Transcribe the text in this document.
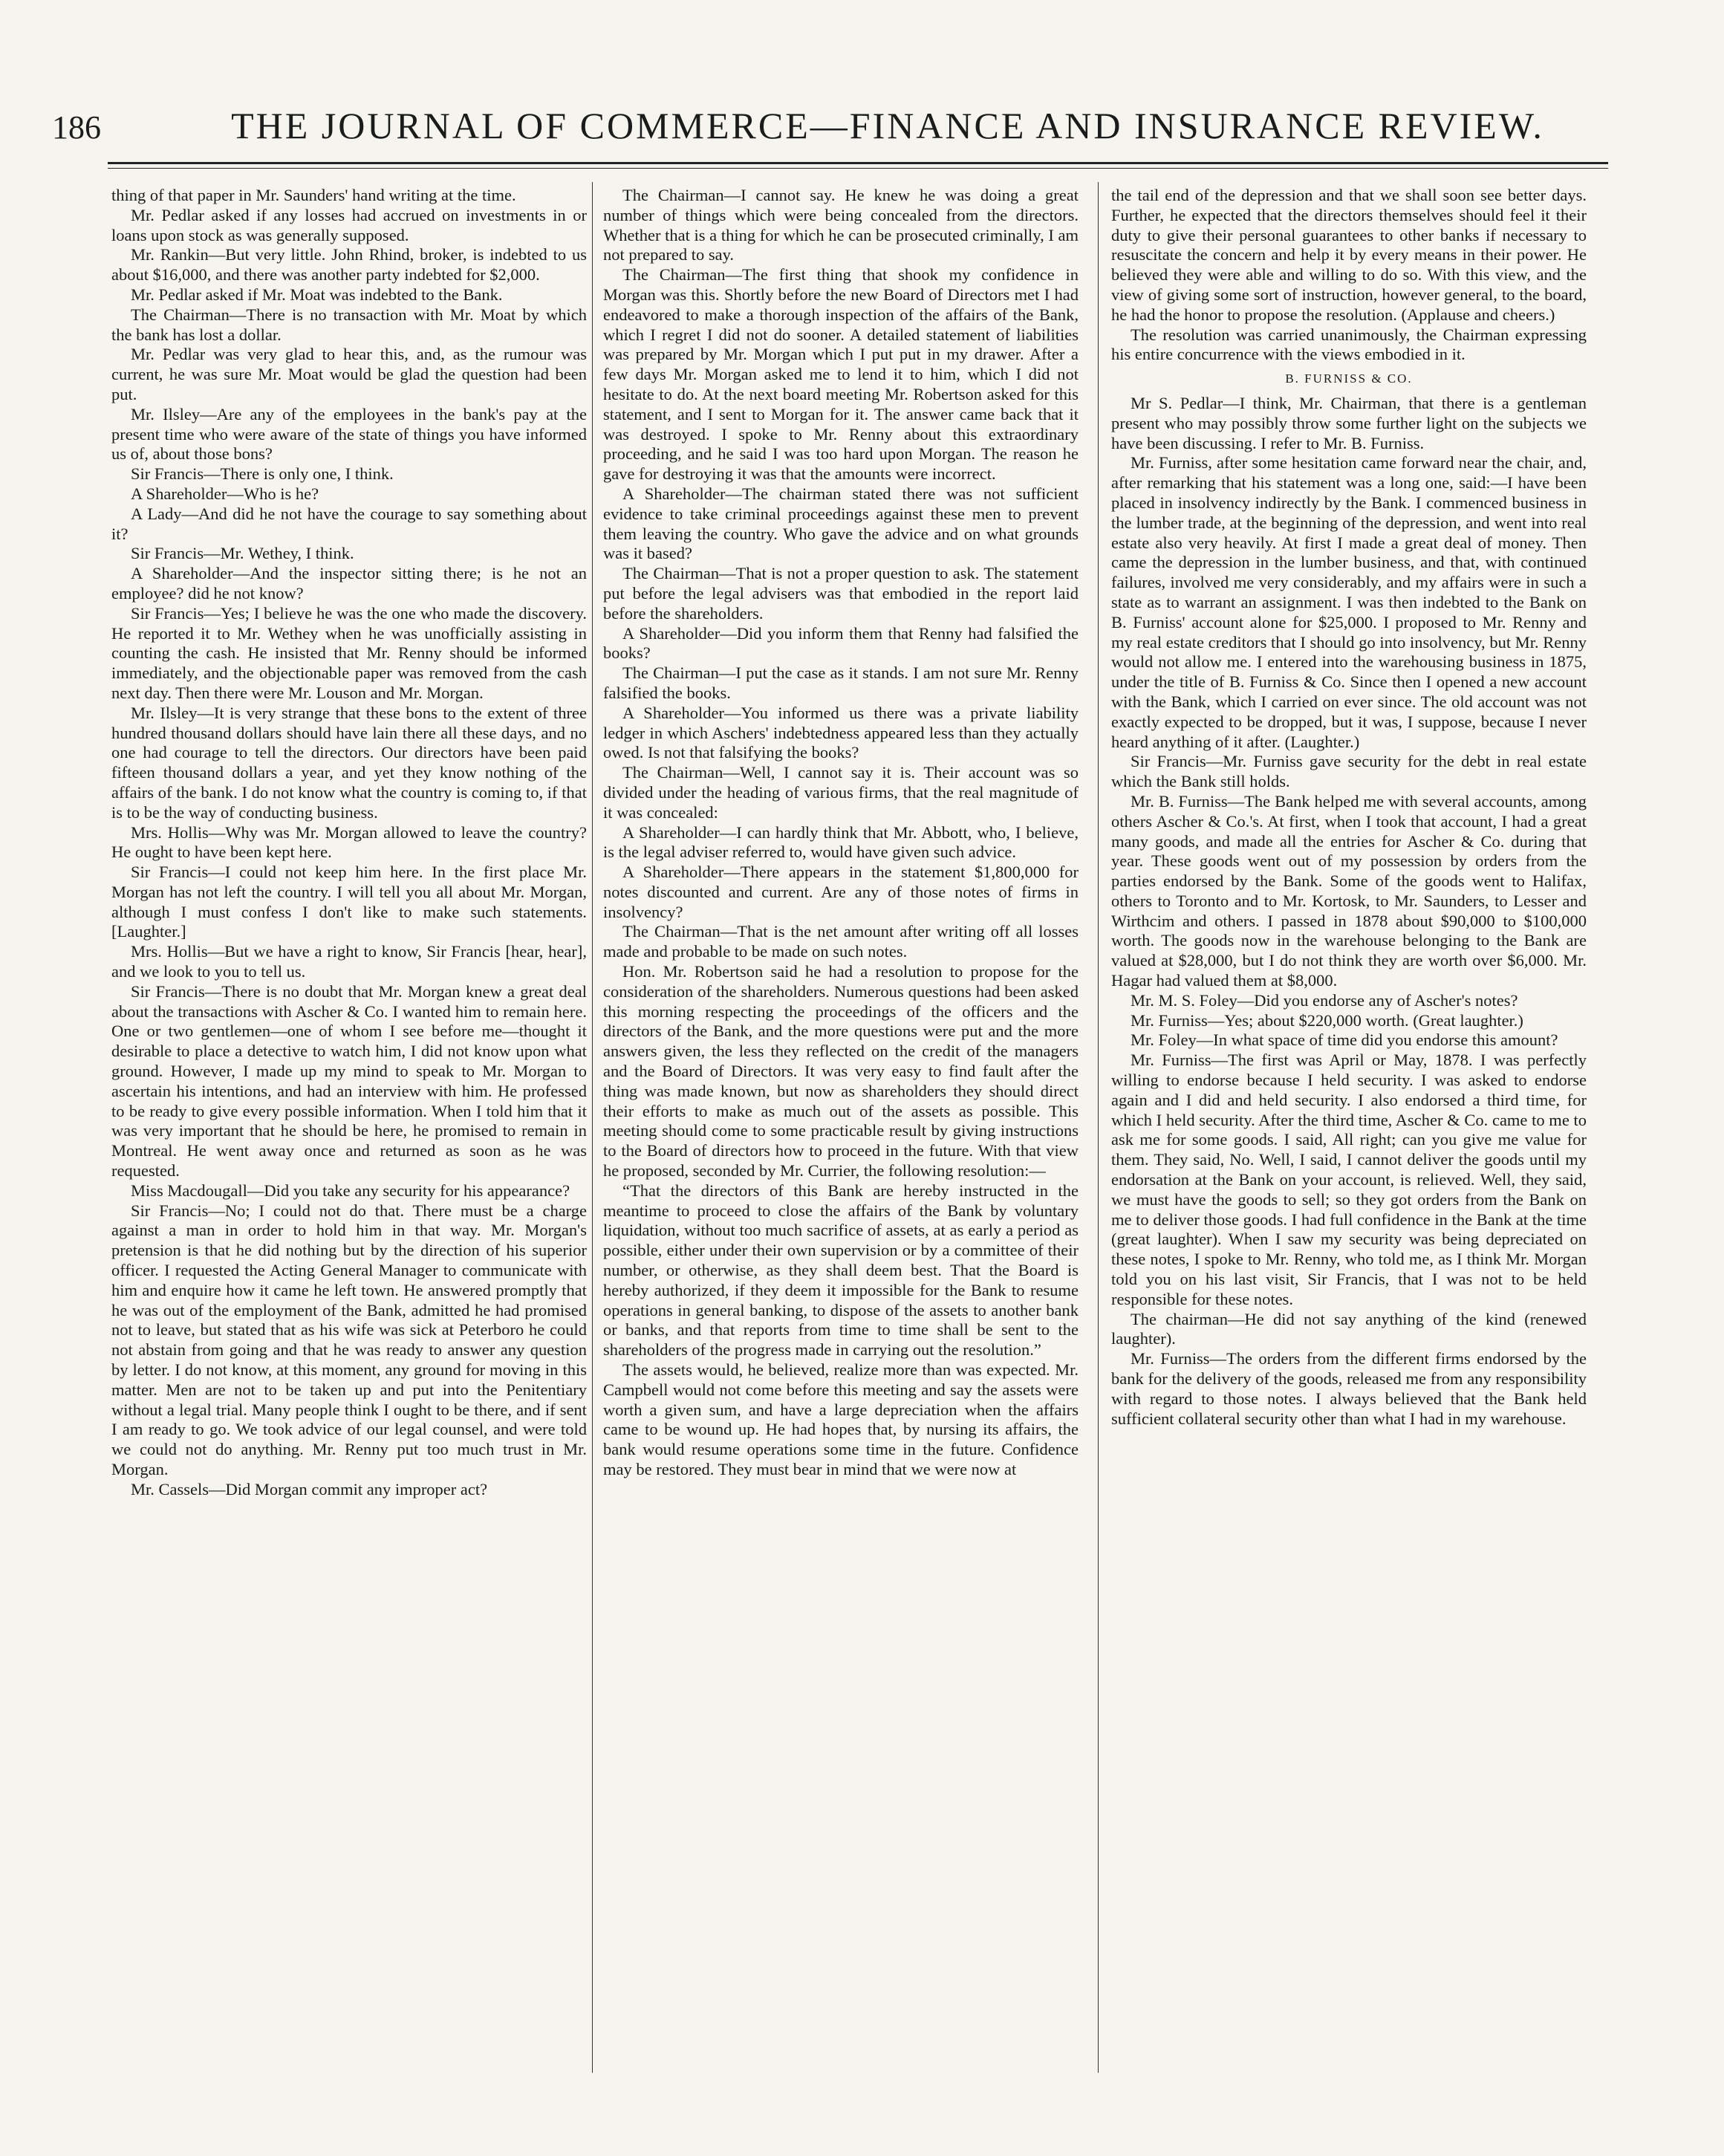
186	THE JOURNAL OF COMMERCE—FINANCE AND INSURANCE REVIEW.

thing of that paper in Mr. Saunders' hand writing at the time.

Mr. Pedlar asked if any losses had accrued on investments in or loans upon stock as was generally supposed.

Mr. Rankin—But very little. John Rhind, broker, is indebted to us about $16,000, and there was another party indebted for $2,000.

Mr. Pedlar asked if Mr. Moat was indebted to the Bank.

The Chairman—There is no transaction with Mr. Moat by which the bank has lost a dollar.

Mr. Pedlar was very glad to hear this, and, as the rumour was current, he was sure Mr. Moat would be glad the question had been put.

Mr. Ilsley—Are any of the employees in the bank's pay at the present time who were aware of the state of things you have informed us of, about those bons?

Sir Francis—There is only one, I think.

A Shareholder—Who is he?

A Lady—And did he not have the courage to say something about it?

Sir Francis—Mr. Wethey, I think.

A Shareholder—And the inspector sitting there; is he not an employee? did he not know?

Sir Francis—Yes; I believe he was the one who made the discovery. He reported it to Mr. Wethey when he was unofficially assisting in counting the cash. He insisted that Mr. Renny should be informed immediately, and the objectionable paper was removed from the cash next day. Then there were Mr. Louson and Mr. Morgan.

Mr. Ilsley—It is very strange that these bons to the extent of three hundred thousand dollars should have lain there all these days, and no one had courage to tell the directors. Our directors have been paid fifteen thousand dollars a year, and yet they know nothing of the affairs of the bank. I do not know what the country is coming to, if that is to be the way of conducting business.

Mrs. Hollis—Why was Mr. Morgan allowed to leave the country? He ought to have been kept here.

Sir Francis—I could not keep him here. In the first place Mr. Morgan has not left the country. I will tell you all about Mr. Morgan, although I must confess I don't like to make such statements. [Laughter.]

Mrs. Hollis—But we have a right to know, Sir Francis [hear, hear], and we look to you to tell us.

Sir Francis—There is no doubt that Mr. Morgan knew a great deal about the transactions with Ascher & Co. I wanted him to remain here. One or two gentlemen—one of whom I see before me—thought it desirable to place a detective to watch him, I did not know upon what ground. However, I made up my mind to speak to Mr. Morgan to ascertain his intentions, and had an interview with him. He professed to be ready to give every possible information. When I told him that it was very important that he should be here, he promised to remain in Montreal. He went away once and returned as soon as he was requested.

Miss Macdougall—Did you take any security for his appearance?

Sir Francis—No; I could not do that. There must be a charge against a man in order to hold him in that way. Mr. Morgan's pretension is that he did nothing but by the direction of his superior officer. I requested the Acting General Manager to communicate with him and enquire how it came he left town. He answered promptly that he was out of the employment of the Bank, admitted he had promised not to leave, but stated that as his wife was sick at Peterboro he could not abstain from going and that he was ready to answer any question by letter. I do not know, at this moment, any ground for moving in this matter. Men are not to be taken up and put into the Penitentiary without a legal trial. Many people think I ought to be there, and if sent I am ready to go. We took advice of our legal counsel, and were told we could not do anything. Mr. Renny put too much trust in Mr. Morgan.

Mr. Cassels—Did Morgan commit any improper act?

The Chairman—I cannot say. He knew he was doing a great number of things which were being concealed from the directors. Whether that is a thing for which he can be prosecuted criminally, I am not prepared to say.

The Chairman—The first thing that shook my confidence in Morgan was this. Shortly before the new Board of Directors met I had endeavored to make a thorough inspection of the affairs of the Bank, which I regret I did not do sooner. A detailed statement of liabilities was prepared by Mr. Morgan which I put put in my drawer. After a few days Mr. Morgan asked me to lend it to him, which I did not hesitate to do. At the next board meeting Mr. Robertson asked for this statement, and I sent to Morgan for it. The answer came back that it was destroyed. I spoke to Mr. Renny about this extraordinary proceeding, and he said I was too hard upon Morgan. The reason he gave for destroying it was that the amounts were incorrect.

A Shareholder—The chairman stated there was not sufficient evidence to take criminal proceedings against these men to prevent them leaving the country. Who gave the advice and on what grounds was it based?

The Chairman—That is not a proper question to ask. The statement put before the legal advisers was that embodied in the report laid before the shareholders.

A Shareholder—Did you inform them that Renny had falsified the books?

The Chairman—I put the case as it stands. I am not sure Mr. Renny falsified the books.

A Shareholder—You informed us there was a private liability ledger in which Aschers' indebtedness appeared less than they actually owed. Is not that falsifying the books?

The Chairman—Well, I cannot say it is. Their account was so divided under the heading of various firms, that the real magnitude of it was concealed:

A Shareholder—I can hardly think that Mr. Abbott, who, I believe, is the legal adviser referred to, would have given such advice.

A Shareholder—There appears in the statement $1,800,000 for notes discounted and current. Are any of those notes of firms in insolvency?

The Chairman—That is the net amount after writing off all losses made and probable to be made on such notes.

Hon. Mr. Robertson said he had a resolution to propose for the consideration of the shareholders. Numerous questions had been asked this morning respecting the proceedings of the officers and the directors of the Bank, and the more questions were put and the more answers given, the less they reflected on the credit of the managers and the Board of Directors. It was very easy to find fault after the thing was made known, but now as shareholders they should direct their efforts to make as much out of the assets as possible. This meeting should come to some practicable result by giving instructions to the Board of directors how to proceed in the future. With that view he proposed, seconded by Mr. Currier, the following resolution:—

“That the directors of this Bank are hereby instructed in the meantime to proceed to close the affairs of the Bank by voluntary liquidation, without too much sacrifice of assets, at as early a period as possible, either under their own supervision or by a committee of their number, or otherwise, as they shall deem best. That the Board is hereby authorized, if they deem it impossible for the Bank to resume operations in general banking, to dispose of the assets to another bank or banks, and that reports from time to time shall be sent to the shareholders of the progress made in carrying out the resolution.”

The assets would, he believed, realize more than was expected. Mr. Campbell would not come before this meeting and say the assets were worth a given sum, and have a large depreciation when the affairs came to be wound up. He had hopes that, by nursing its affairs, the bank would resume operations some time in the future. Confidence may be restored. They must bear in mind that we were now at

the tail end of the depression and that we shall soon see better days. Further, he expected that the directors themselves should feel it their duty to give their personal guarantees to other banks if necessary to resuscitate the concern and help it by every means in their power. He believed they were able and willing to do so. With this view, and the view of giving some sort of instruction, however general, to the board, he had the honor to propose the resolution. (Applause and cheers.)

The resolution was carried unanimously, the Chairman expressing his entire concurrence with the views embodied in it.

B. FURNISS & CO.

Mr S. Pedlar—I think, Mr. Chairman, that there is a gentleman present who may possibly throw some further light on the subjects we have been discussing. I refer to Mr. B. Furniss.

Mr. Furniss, after some hesitation came forward near the chair, and, after remarking that his statement was a long one, said:—I have been placed in insolvency indirectly by the Bank. I commenced business in the lumber trade, at the beginning of the depression, and went into real estate also very heavily. At first I made a great deal of money. Then came the depression in the lumber business, and that, with continued failures, involved me very considerably, and my affairs were in such a state as to warrant an assignment. I was then indebted to the Bank on B. Furniss' account alone for $25,000. I proposed to Mr. Renny and my real estate creditors that I should go into insolvency, but Mr. Renny would not allow me. I entered into the warehousing business in 1875, under the title of B. Furniss & Co. Since then I opened a new account with the Bank, which I carried on ever since. The old account was not exactly expected to be dropped, but it was, I suppose, because I never heard anything of it after. (Laughter.)

Sir Francis—Mr. Furniss gave security for the debt in real estate which the Bank still holds.

Mr. B. Furniss—The Bank helped me with several accounts, among others Ascher & Co.'s. At first, when I took that account, I had a great many goods, and made all the entries for Ascher & Co. during that year. These goods went out of my possession by orders from the parties endorsed by the Bank. Some of the goods went to Halifax, others to Toronto and to Mr. Kortosk, to Mr. Saunders, to Lesser and Wirthcim and others. I passed in 1878 about $90,000 to $100,000 worth. The goods now in the warehouse belonging to the Bank are valued at $28,000, but I do not think they are worth over $6,000. Mr. Hagar had valued them at $8,000.

Mr. M. S. Foley—Did you endorse any of Ascher's notes?

Mr. Furniss—Yes; about $220,000 worth. (Great laughter.)

Mr. Foley—In what space of time did you endorse this amount?

Mr. Furniss—The first was April or May, 1878. I was perfectly willing to endorse because I held security. I was asked to endorse again and I did and held security. I also endorsed a third time, for which I held security. After the third time, Ascher & Co. came to me to ask me for some goods. I said, All right; can you give me value for them. They said, No. Well, I said, I cannot deliver the goods until my endorsation at the Bank on your account, is relieved. Well, they said, we must have the goods to sell; so they got orders from the Bank on me to deliver those goods. I had full confidence in the Bank at the time (great laughter). When I saw my security was being depreciated on these notes, I spoke to Mr. Renny, who told me, as I think Mr. Morgan told you on his last visit, Sir Francis, that I was not to be held responsible for these notes.

The chairman—He did not say anything of the kind (renewed laughter).

Mr. Furniss—The orders from the different firms endorsed by the bank for the delivery of the goods, released me from any responsibility with regard to those notes. I always believed that the Bank held sufficient collateral security other than what I had in my warehouse.
